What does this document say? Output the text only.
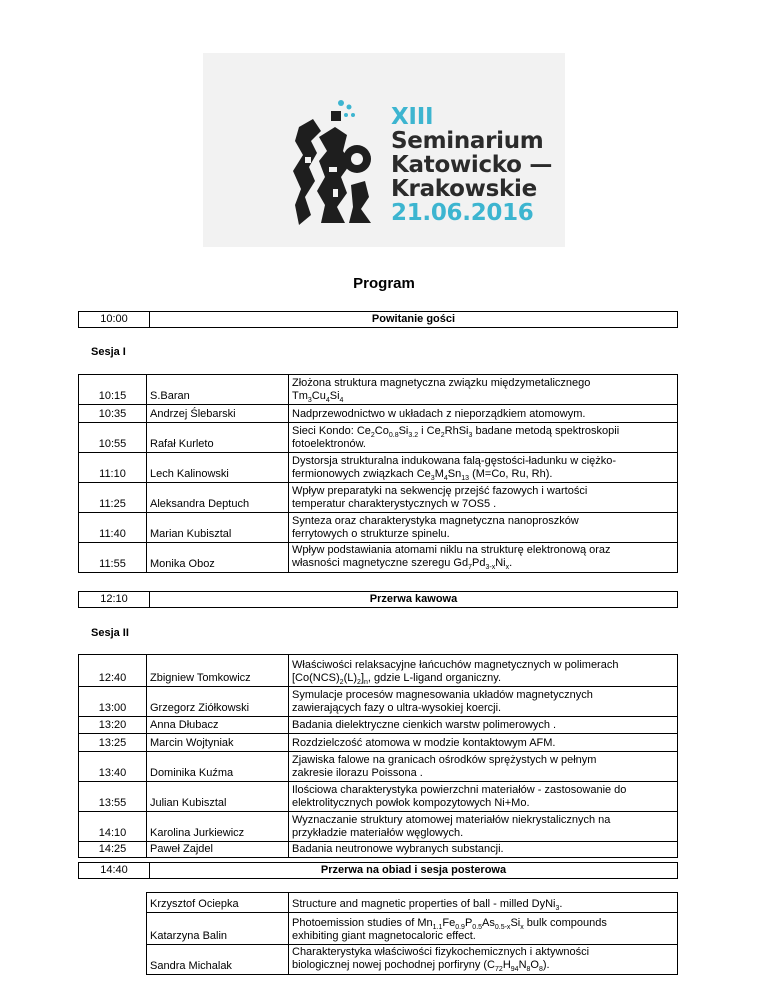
XIII
Seminarium
Katowicko —
Krakowskie
21.06.2016
Program
10:00	Powitanie gości
Sesja I
10:15	S.Baran	Złożona struktura magnetyczna związku międzymetalicznego
$Tm_3Cu_4Si_4$
10:35	Andrzej Ślebarski	Nadprzewodnictwo w układach z nieporządkiem atomowym.
10:55	Rafał Kurleto	Sieci Kondo: $Ce_2Co_{0.8}Si_{3.2}$ i $Ce_2RhSi_3$ badane metodą spektroskopii
fotoelektronów.
11:10	Lech Kalinowski	Dystorsja strukturalna indukowana falą-gęstości-ładunku w ciężko-
fermionowych związkach $Ce_3M_4Sn_{13}$ (M=Co, Ru, Rh).
11:25	Aleksandra Deptuch	Wpływ preparatyki na sekwencję przejść fazowych i wartości
temperatur charakterystycznych w 7OS5 .
11:40	Marian Kubisztal	Synteza oraz charakterystyka magnetyczna nanoproszków
ferrytowych o strukturze spinelu.
11:55	Monika Oboz	Wpływ podstawiania atomami niklu na strukturę elektronową oraz
własności magnetyczne szeregu $Gd_7Pd_{3-x}Ni_x$.
12:10	Przerwa kawowa
Sesja II
12:40	Zbigniew Tomkowicz	Właściwości relaksacyjne łańcuchów magnetycznych w polimerach
$[Co(NCS)_2(L)_2]_n$, gdzie L-ligand organiczny.
13:00	Grzegorz Ziółkowski	Symulacje procesów magnesowania układów magnetycznych
zawierających fazy o ultra-wysokiej koercji.
13:20	Anna Dłubacz	Badania dielektryczne cienkich warstw polimerowych .
13:25	Marcin Wojtyniak	Rozdzielczość atomowa w modzie kontaktowym AFM.
13:40	Dominika Kuźma	Zjawiska falowe na granicach ośrodków sprężystych w pełnym
zakresie ilorazu Poissona .
13:55	Julian Kubisztal	Ilościowa charakterystyka powierzchni materiałów - zastosowanie do
elektrolitycznych powłok kompozytowych Ni+Mo.
14:10	Karolina Jurkiewicz	Wyznaczanie struktury atomowej materiałów niekrystalicznych na
przykładzie materiałów węglowych.
14:25	Paweł Zajdel	Badania neutronowe wybranych substancji.
14:40	Przerwa na obiad i sesja posterowa
Krzysztof Ociepka	Structure and magnetic properties of ball - milled DyNi$_3$.
Katarzyna Balin	Photoemission studies of $Mn_{1.1}Fe_{0.9}P_{0.5}As_{0.5-x}Si_x$ bulk compounds
exhibiting giant magnetocaloric effect.
Sandra Michalak	Charakterystyka właściwości fizykochemicznych i aktywności
biologicznej nowej pochodnej porfiryny $(C_{72}H_{94}N_8O_8)$.
